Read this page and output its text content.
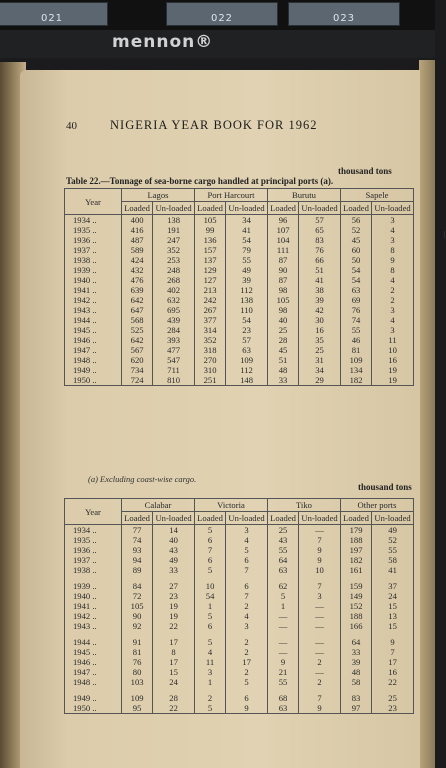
021	022	023
mennon®
40	NIGERIA YEAR BOOK FOR 1962
Table 22.—Tonnage of sea-borne cargo handled at principal ports (a).
thousand tons
I
Year	Lagos		Port Harcourt		Burutu		Sapele	
	Loaded	Un-loaded	Loaded	Un-loaded	Loaded	Un-loaded	Loaded	Un-loaded
1934 ..	400	138	105	34	96	57	56	3
1935 ..	416	191	99	41	107	65	52	4
1936 ..	487	247	136	54	104	83	45	3
1937 ..	589	352	157	79	111	76	60	8
1938 ..	424	253	137	55	87	66	50	9
1939 ..	432	248	129	49	90	51	54	8
1940 ..	476	268	127	39	87	41	54	4
1941 ..	639	402	213	112	98	38	63	2
1942 ..	642	632	242	138	105	39	69	2
1943 ..	647	695	267	110	98	42	76	3
1944 ..	568	439	377	54	40	30	74	4
1945 ..	525	284	314	23	25	16	55	3
1946 ..	642	393	352	57	28	35	46	11
1947 ..	567	477	318	63	45	25	81	10
1948 ..	620	547	270	109	51	31	109	16
1949 ..	734	711	310	112	48	34	134	19
1950 ..	724	810	251	148	33	29	182	19
(a) Excluding coast-wise cargo.
thousand tons
Year	Calabar		Victoria		Tiko		Other ports	
	Loaded	Un-loaded	Loaded	Un-loaded	Loaded	Un-loaded	Loaded	Un-loaded
1934 ..	77	14	5	3	25	—	179	49
1935 ..	74	40	6	4	43	7	188	52
1936 ..	93	43	7	5	55	9	197	55
1937 ..	94	49	6	6	64	9	182	58
1938 ..	89	33	5	7	63	10	161	41

1939 ..	84	27	10	6	62	7	159	37
1940 ..	72	23	54	7	5	3	149	24
1941 ..	105	19	1	2	1	—	152	15
1942 ..	90	19	5	4	—	—	188	13
1943 ..	92	22	6	3	—	—	166	15

1944 ..	91	17	5	2	—	—	64	9
1945 ..	81	8	4	2	—	—	33	7
1946 ..	76	17	11	17	9	2	39	17
1947 ..	80	15	3	2	21	—	48	16
1948 ..	103	24	1	5	55	2	58	22

1949 ..	109	28	2	6	68	7	83	25
1950 ..	95	22	5	9	63	9	97	23
